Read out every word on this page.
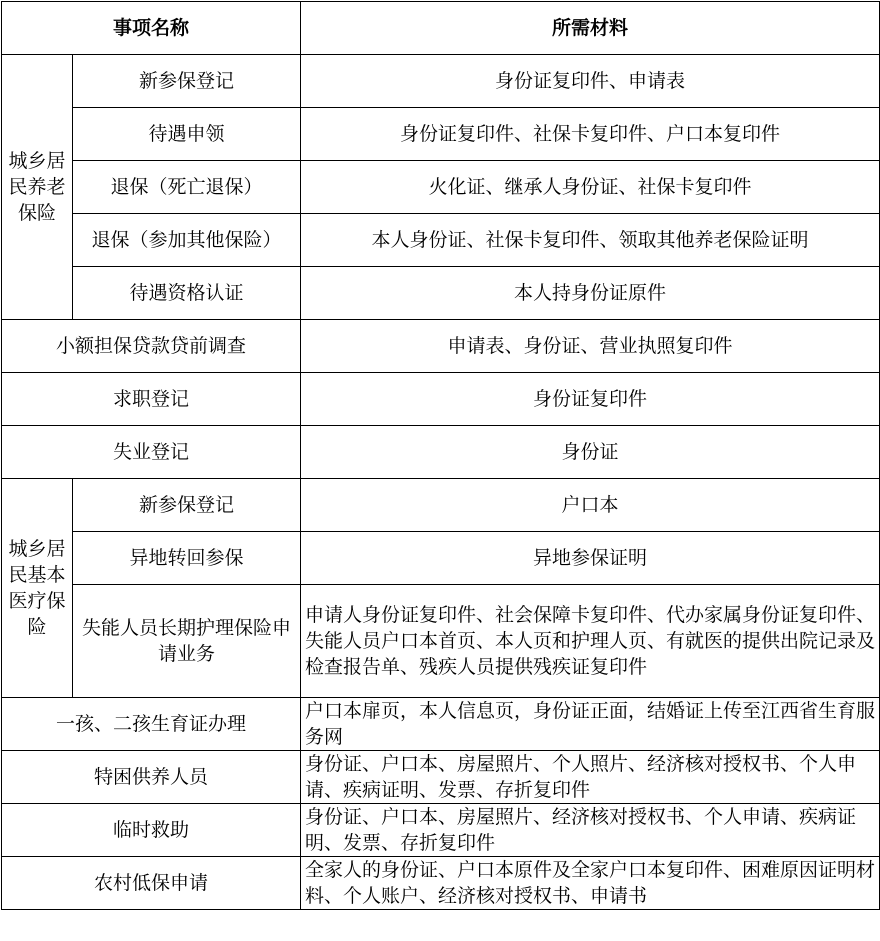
事项名称		所需材料
城乡居民养老保险	新参保登记	身份证复印件、申请表
	待遇申领	身份证复印件、社保卡复印件、户口本复印件
	退保（死亡退保）	火化证、继承人身份证、社保卡复印件
	退保（参加其他保险）	本人身份证、社保卡复印件、领取其他养老保险证明
	待遇资格认证	本人持身份证原件
小额担保贷款贷前调查		申请表、身份证、营业执照复印件
求职登记		身份证复印件
失业登记		身份证
城乡居民基本医疗保险	新参保登记	户口本
	异地转回参保	异地参保证明
	失能人员长期护理保险申请业务	申请人身份证复印件、社会保障卡复印件、代办家属身份证复印件、失能人员户口本首页、本人页和护理人页、有就医的提供出院记录及检查报告单、残疾人员提供残疾证复印件
一孩、二孩生育证办理		户口本扉页，本人信息页，身份证正面，结婚证上传至江西省生育服务网
特困供养人员		身份证、户口本、房屋照片、个人照片、经济核对授权书、个人申请、疾病证明、发票、存折复印件
临时救助		身份证、户口本、房屋照片、经济核对授权书、个人申请、疾病证明、发票、存折复印件
农村低保申请		全家人的身份证、户口本原件及全家户口本复印件、困难原因证明材料、个人账户、经济核对授权书、申请书
